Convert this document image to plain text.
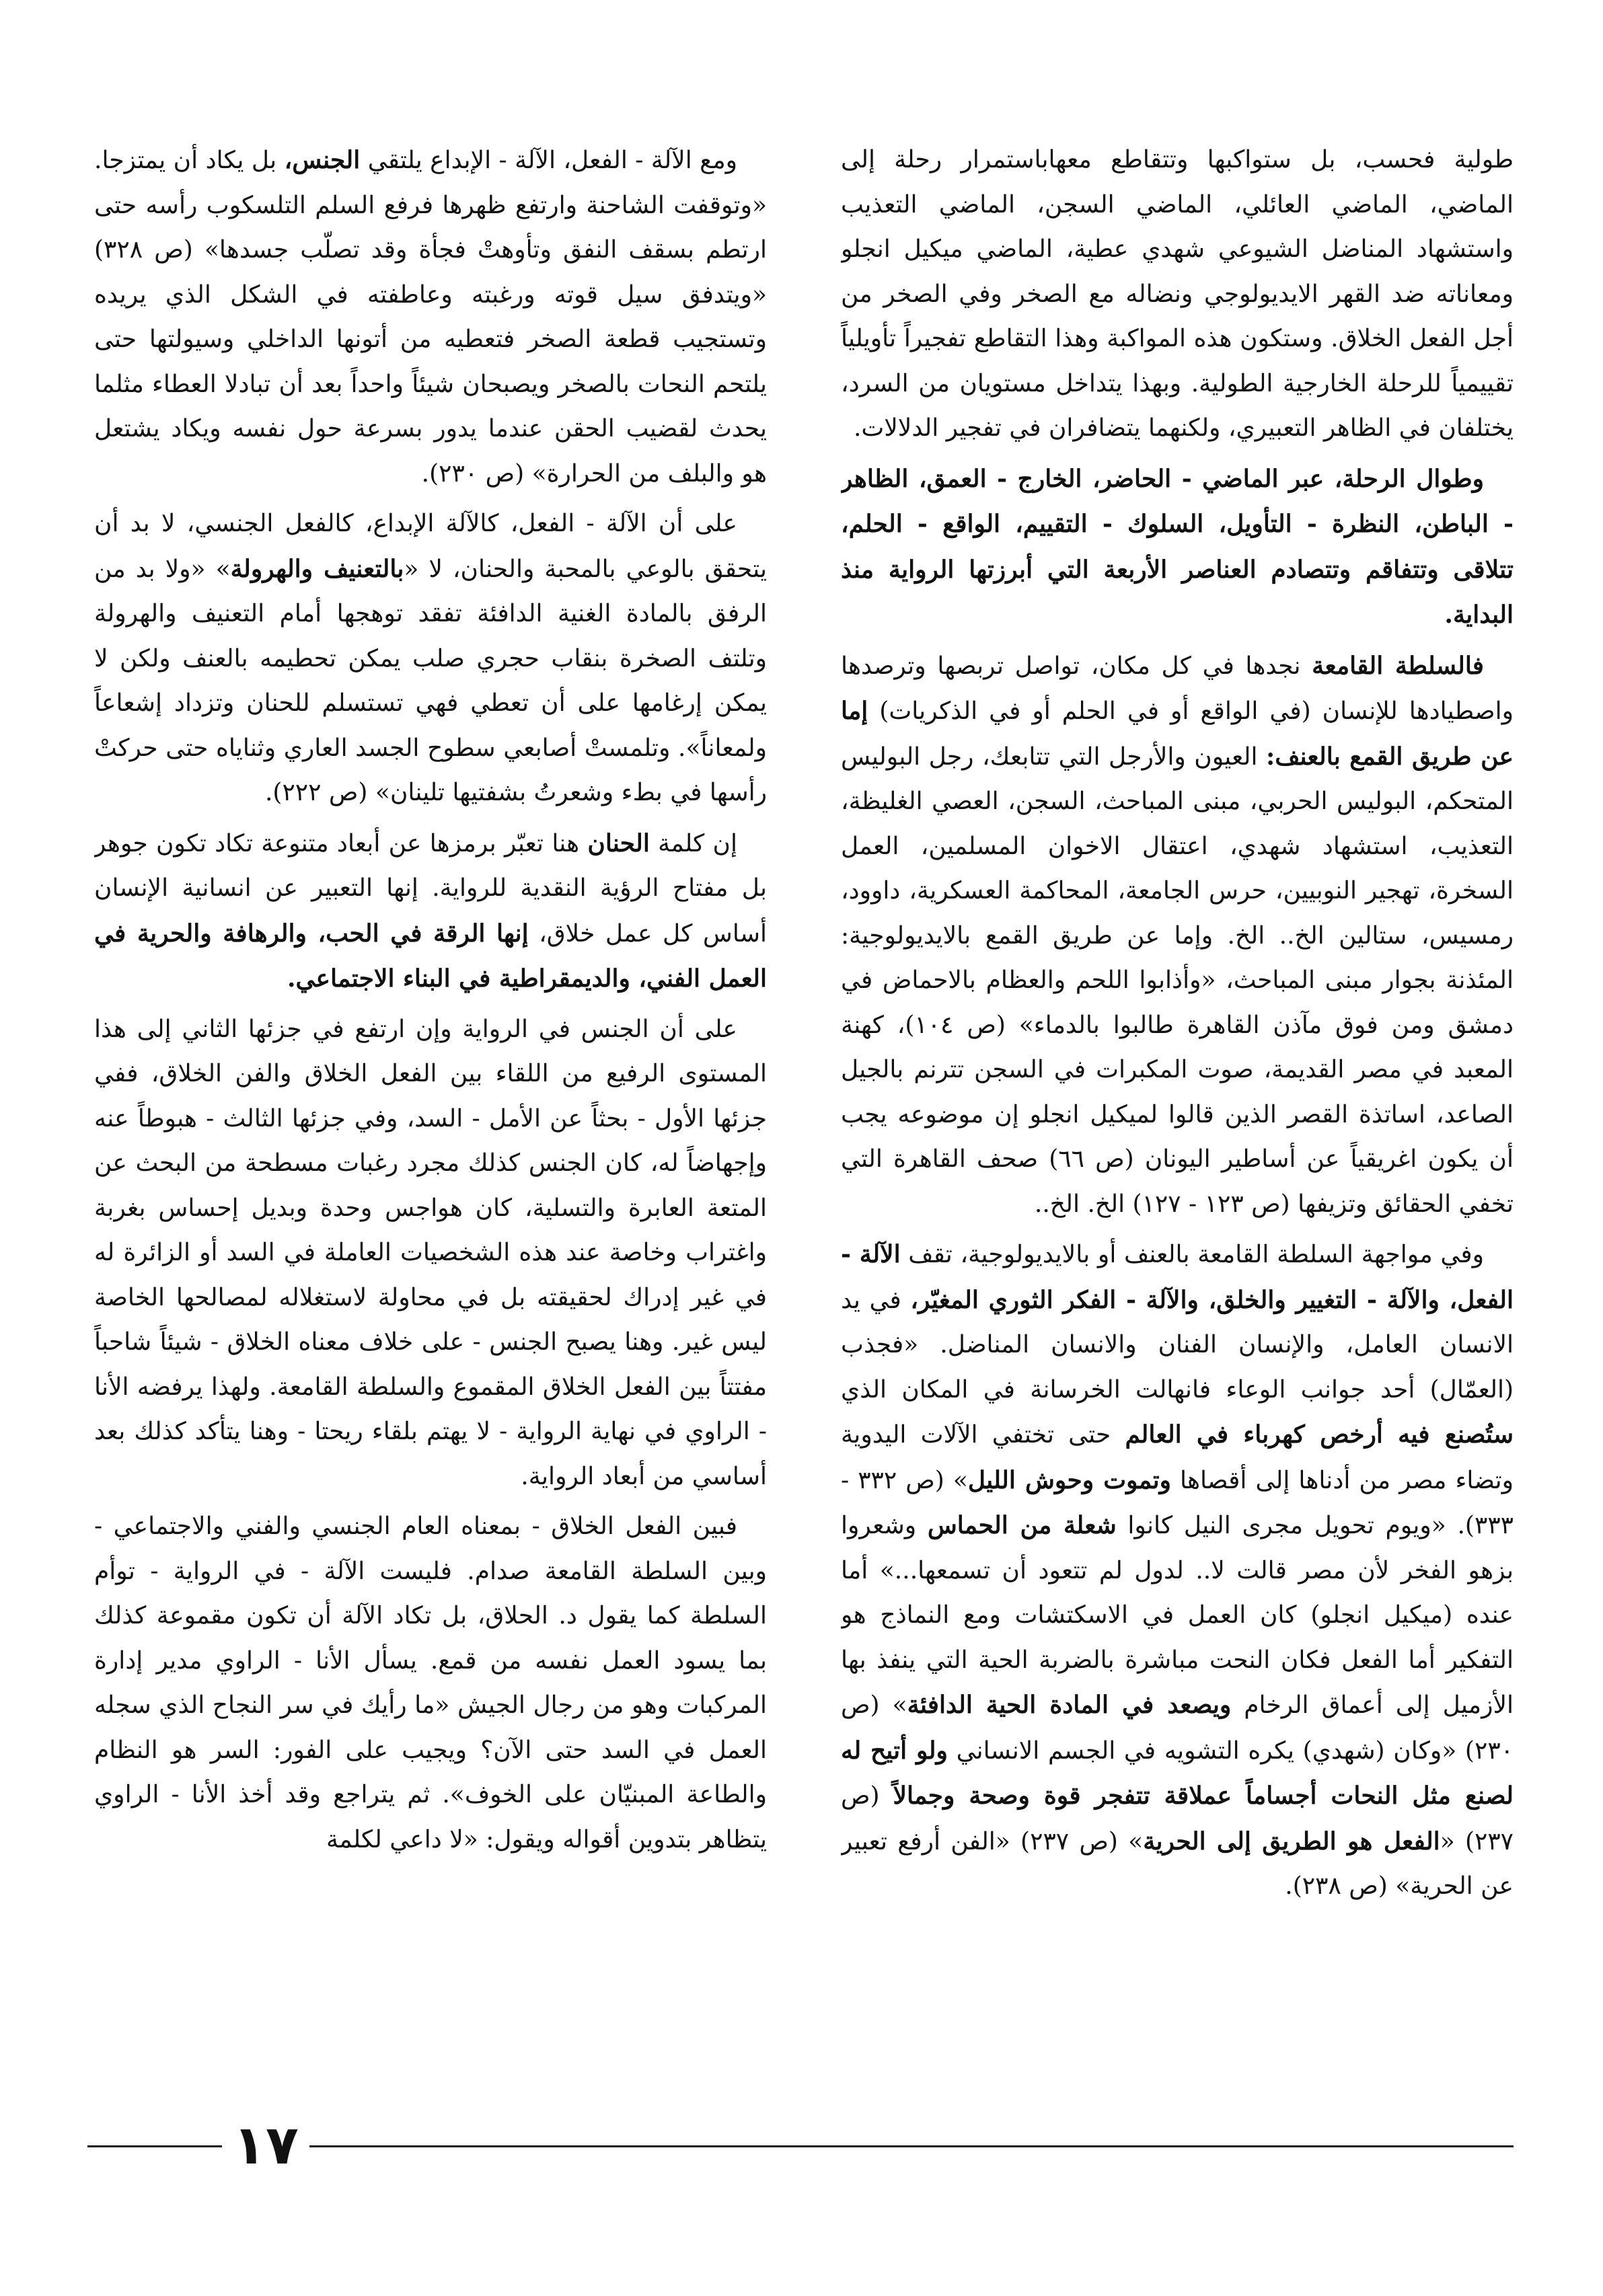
طولية فحسب، بل ستواكبها وتتقاطع معهاباستمرار رحلة إلى الماضي، الماضي العائلي، الماضي السجن، الماضي التعذيب واستشهاد المناضل الشيوعي شهدي عطية، الماضي ميكيل انجلو ومعاناته ضد القهر الايديولوجي ونضاله مع الصخر وفي الصخر من أجل الفعل الخلاق. وستكون هذه المواكبة وهذا التقاطع تفجيراً تأويلياً تقييمياً للرحلة الخارجية الطولية. وبهذا يتداخل مستويان من السرد، يختلفان في الظاهر التعبيري، ولكنهما يتضافران في تفجير الدلالات.

وطوال الرحلة، عبر الماضي - الحاضر، الخارج - العمق، الظاهر - الباطن، النظرة - التأويل، السلوك - التقييم، الواقع - الحلم، تتلاقى وتتفاقم وتتصادم العناصر الأربعة التي أبرزتها الرواية منذ البداية.

فالسلطة القامعة نجدها في كل مكان، تواصل تربصها وترصدها واصطيادها للإنسان (في الواقع أو في الحلم أو في الذكريات) إما عن طريق القمع بالعنف: العيون والأرجل التي تتابعك، رجل البوليس المتحكم، البوليس الحربي، مبنى المباحث، السجن، العصي الغليظة، التعذيب، استشهاد شهدي، اعتقال الاخوان المسلمين، العمل السخرة، تهجير النوبيين، حرس الجامعة، المحاكمة العسكرية، داوود، رمسيس، ستالين الخ.. الخ. وإما عن طريق القمع بالايديولوجية: المئذنة بجوار مبنى المباحث، «وأذابوا اللحم والعظام بالاحماض في دمشق ومن فوق مآذن القاهرة طالبوا بالدماء» (ص ١٠٤)، كهنة المعبد في مصر القديمة، صوت المكبرات في السجن تترنم بالجيل الصاعد، اساتذة القصر الذين قالوا لميكيل انجلو إن موضوعه يجب أن يكون اغريقياً عن أساطير اليونان (ص ٦٦) صحف القاهرة التي تخفي الحقائق وتزيفها (ص ١٢٣ - ١٢٧) الخ. الخ..

وفي مواجهة السلطة القامعة بالعنف أو بالايديولوجية، تقف الآلة - الفعل، والآلة - التغيير والخلق، والآلة - الفكر الثوري المغيّر، في يد الانسان العامل، والإنسان الفنان والانسان المناضل. «فجذب (العمّال) أحد جوانب الوعاء فانهالت الخرسانة في المكان الذي ستُصنع فيه أرخص كهرباء في العالم حتى تختفي الآلات اليدوية وتضاء مصر من أدناها إلى أقصاها وتموت وحوش الليل» (ص ٣٣٢ - ٣٣٣). «ويوم تحويل مجرى النيل كانوا شعلة من الحماس وشعروا بزهو الفخر لأن مصر قالت لا.. لدول لم تتعود أن تسمعها...» أما عنده (ميكيل انجلو) كان العمل في الاسكتشات ومع النماذج هو التفكير أما الفعل فكان النحت مباشرة بالضربة الحية التي ينفذ بها الأزميل إلى أعماق الرخام ويصعد في المادة الحية الدافئة» (ص ٢٣٠) «وكان (شهدي) يكره التشويه في الجسم الانساني ولو أتيح له لصنع مثل النحات أجساماً عملاقة تتفجر قوة وصحة وجمالاً (ص ٢٣٧) «الفعل هو الطريق إلى الحرية» (ص ٢٣٧) «الفن أرفع تعبير عن الحرية» (ص ٢٣٨).

ومع الآلة - الفعل، الآلة - الإبداع يلتقي الجنس، بل يكاد أن يمتزجا. «وتوقفت الشاحنة وارتفع ظهرها فرفع السلم التلسكوب رأسه حتى ارتطم بسقف النفق وتأوهتْ فجأة وقد تصلّب جسدها» (ص ٣٢٨) «ويتدفق سيل قوته ورغبته وعاطفته في الشكل الذي يريده وتستجيب قطعة الصخر فتعطيه من أتونها الداخلي وسيولتها حتى يلتحم النحات بالصخر ويصبحان شيئاً واحداً بعد أن تبادلا العطاء مثلما يحدث لقضيب الحقن عندما يدور بسرعة حول نفسه ويكاد يشتعل هو والبلف من الحرارة» (ص ٢٣٠).

على أن الآلة - الفعل، كالآلة الإبداع، كالفعل الجنسي، لا بد أن يتحقق بالوعي بالمحبة والحنان، لا «بالتعنيف والهرولة» «ولا بد من الرفق بالمادة الغنية الدافئة تفقد توهجها أمام التعنيف والهرولة وتلتف الصخرة بنقاب حجري صلب يمكن تحطيمه بالعنف ولكن لا يمكن إرغامها على أن تعطي فهي تستسلم للحنان وتزداد إشعاعاً ولمعاناً». وتلمستْ أصابعي سطوح الجسد العاري وثناياه حتى حركتْ رأسها في بطء وشعرتُ بشفتيها تلينان» (ص ٢٢٢).

إن كلمة الحنان هنا تعبّر برمزها عن أبعاد متنوعة تكاد تكون جوهر بل مفتاح الرؤية النقدية للرواية. إنها التعبير عن انسانية الإنسان أساس كل عمل خلاق، إنها الرقة في الحب، والرهافة والحرية في العمل الفني، والديمقراطية في البناء الاجتماعي.

على أن الجنس في الرواية وإن ارتفع في جزئها الثاني إلى هذا المستوى الرفيع من اللقاء بين الفعل الخلاق والفن الخلاق، ففي جزئها الأول - بحثاً عن الأمل - السد، وفي جزئها الثالث - هبوطاً عنه وإجهاضاً له، كان الجنس كذلك مجرد رغبات مسطحة من البحث عن المتعة العابرة والتسلية، كان هواجس وحدة وبديل إحساس بغربة واغتراب وخاصة عند هذه الشخصيات العاملة في السد أو الزائرة له في غير إدراك لحقيقته بل في محاولة لاستغلاله لمصالحها الخاصة ليس غير. وهنا يصبح الجنس - على خلاف معناه الخلاق - شيئاً شاحباً مفتتاً بين الفعل الخلاق المقموع والسلطة القامعة. ولهذا يرفضه الأنا - الراوي في نهاية الرواية - لا يهتم بلقاء ريحتا - وهنا يتأكد كذلك بعد أساسي من أبعاد الرواية.

فبين الفعل الخلاق - بمعناه العام الجنسي والفني والاجتماعي - وبين السلطة القامعة صدام. فليست الآلة - في الرواية - توأم السلطة كما يقول د. الحلاق، بل تكاد الآلة أن تكون مقموعة كذلك بما يسود العمل نفسه من قمع. يسأل الأنا - الراوي مدير إدارة المركبات وهو من رجال الجيش «ما رأيك في سر النجاح الذي سجله العمل في السد حتى الآن؟ ويجيب على الفور: السر هو النظام والطاعة المبنيّان على الخوف». ثم يتراجع وقد أخذ الأنا - الراوي يتظاهر بتدوين أقواله ويقول: «لا داعي لكلمة

١٧
